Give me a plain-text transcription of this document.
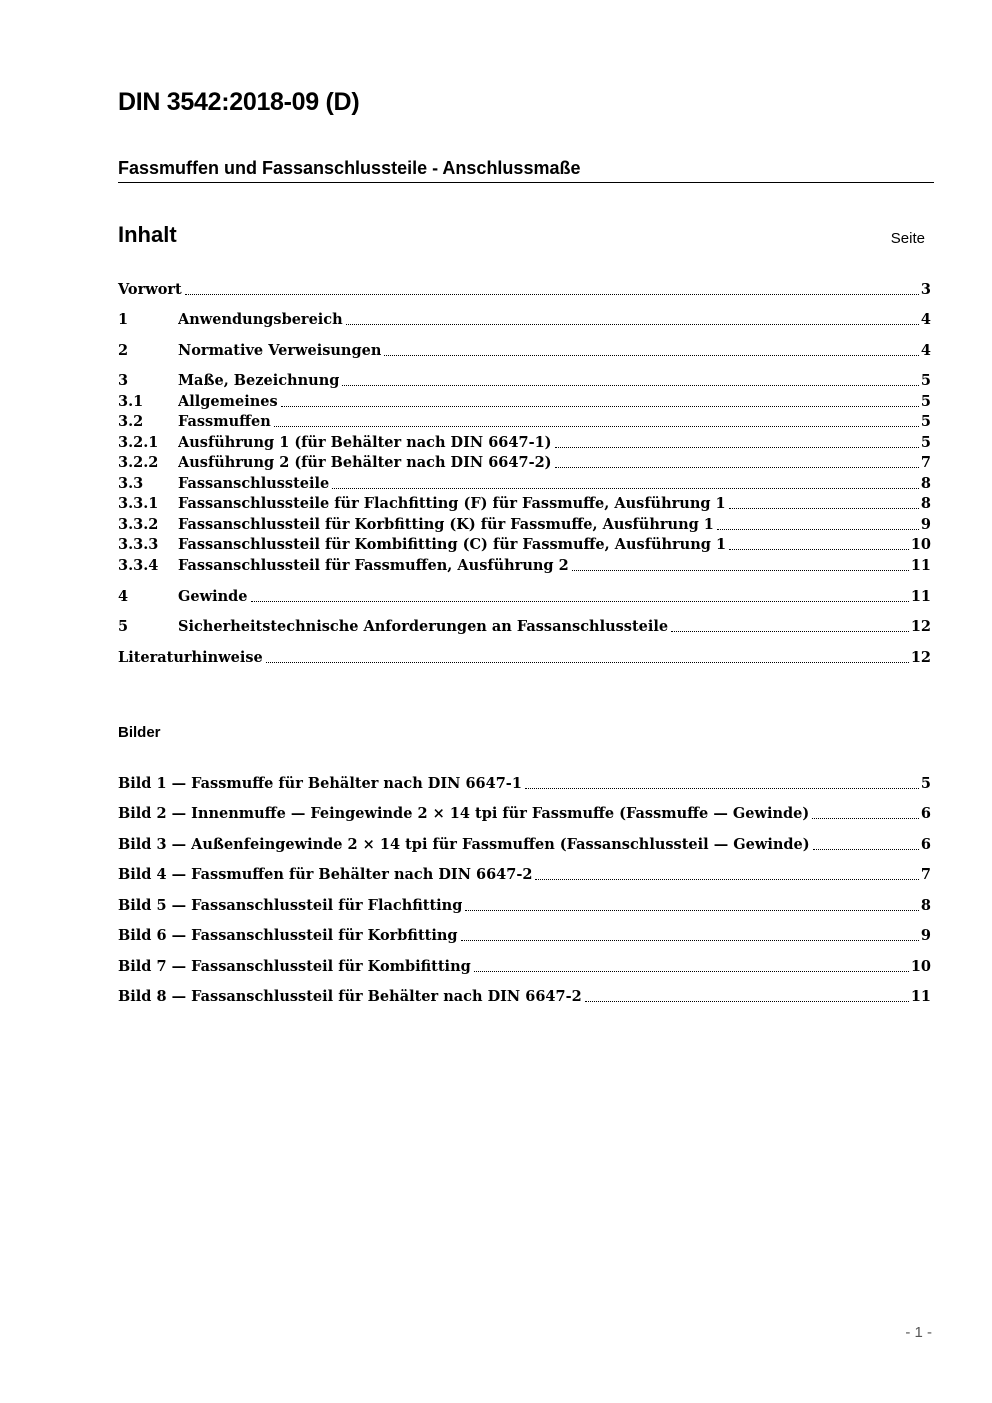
DIN 3542:2018-09 (D)
Fassmuffen und Fassanschlussteile - Anschlussmaße
Inhalt	Seite
Vorwort	3
1	Anwendungsbereich	4
2	Normative Verweisungen	4
3	Maße, Bezeichnung	5
3.1	Allgemeines	5
3.2	Fassmuffen	5
3.2.1	Ausführung 1 (für Behälter nach DIN 6647-1)	5
3.2.2	Ausführung 2 (für Behälter nach DIN 6647-2)	7
3.3	Fassanschlussteile	8
3.3.1	Fassanschlussteile für Flachfitting (F) für Fassmuffe, Ausführung 1	8
3.3.2	Fassanschlussteil für Korbfitting (K) für Fassmuffe, Ausführung 1	9
3.3.3	Fassanschlussteil für Kombifitting (C) für Fassmuffe, Ausführung 1	10
3.3.4	Fassanschlussteil für Fassmuffen, Ausführung 2	11
4	Gewinde	11
5	Sicherheitstechnische Anforderungen an Fassanschlussteile	12
Literaturhinweise	12
Bilder
Bild 1 — Fassmuffe für Behälter nach DIN 6647-1	5
Bild 2 — Innenmuffe — Feingewinde 2 × 14 tpi für Fassmuffe (Fassmuffe — Gewinde)	6
Bild 3 — Außenfeingewinde 2 × 14 tpi für Fassmuffen (Fassanschlussteil — Gewinde)	6
Bild 4 — Fassmuffen für Behälter nach DIN 6647-2	7
Bild 5 — Fassanschlussteil für Flachfitting	8
Bild 6 — Fassanschlussteil für Korbfitting	9
Bild 7 — Fassanschlussteil für Kombifitting	10
Bild 8 — Fassanschlussteil für Behälter nach DIN 6647-2	11
- 1 -
